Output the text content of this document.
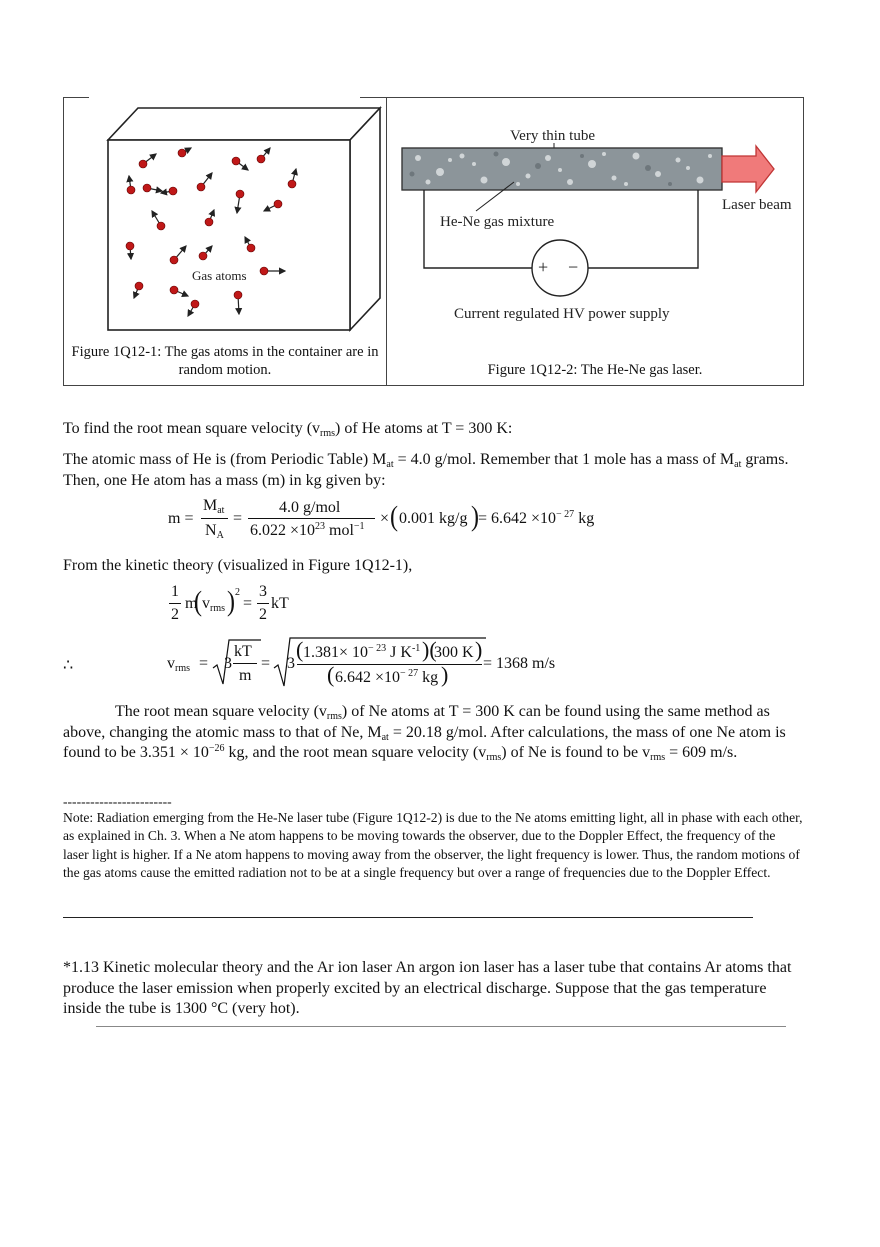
Gas atoms
Figure 1Q12-1: The gas atoms in the container are in random motion.
Very thin tube
Laser beam
He-Ne gas mixture
+ −
Current regulated HV power supply
Figure 1Q12-2: The He-Ne gas laser.
To find the root mean square velocity $(v_{rms})$ of He atoms at T = 300 K:
The atomic mass of He is (from Periodic Table) $M_{at} = 4.0$ g/mol. Remember that 1 mole has a mass of $M_{at}$ grams. Then, one He atom has a mass (m) in kg given by:
m =
$M_{at}$
$N_A$
=
4.0 g/mol
$6.022 \times 10^{23}$ mol$^{-1}$ × ( 0.001 kg/g ) = $6.642 \times 10^{- 27}$ kg
From the kinetic theory (visualized in Figure 1Q12-1),
1
2
m
( $v_{rms}$ ) 2
=
3
2
kT
∴	$v_{rms} = 3$
kT
m
= 3
( $1.381\times 10^{- 23}$ J $K^{-1}$ )(
300 K )
( $6.642 \times 10^{- 27}$ kg ) = 1368 m/s
The root mean square velocity $(v_{rms})$ of Ne atoms at T = 300 K can be found using the same method as above, changing the atomic mass to that of Ne, $M_{at} = 20.18$ g/mol. After calculations, the mass of one Ne atom is found to be $3.351 \times 10^{-26}$ kg, and the root mean square velocity $(v_{rms})$ of Ne is found to be $v_{rms} = 609$ m/s.
------------------------
Note: Radiation emerging from the He-Ne laser tube (Figure 1Q12-2) is due to the Ne atoms emitting light, all in phase with each other, as explained in Ch. 3. When a Ne atom happens to be moving towards the observer, due to the Doppler Effect, the frequency of the laser light is higher. If a Ne atom happens to moving away from the observer, the light frequency is lower. Thus, the random motions of the gas atoms cause the emitted radiation not to be at a single frequency but over a range of frequencies due to the Doppler Effect.
*1.13 Kinetic molecular theory and the Ar ion laser An argon ion laser has a laser tube that contains Ar atoms that produce the laser emission when properly excited by an electrical discharge. Suppose that the gas temperature inside the tube is 1300 °C (very hot).
